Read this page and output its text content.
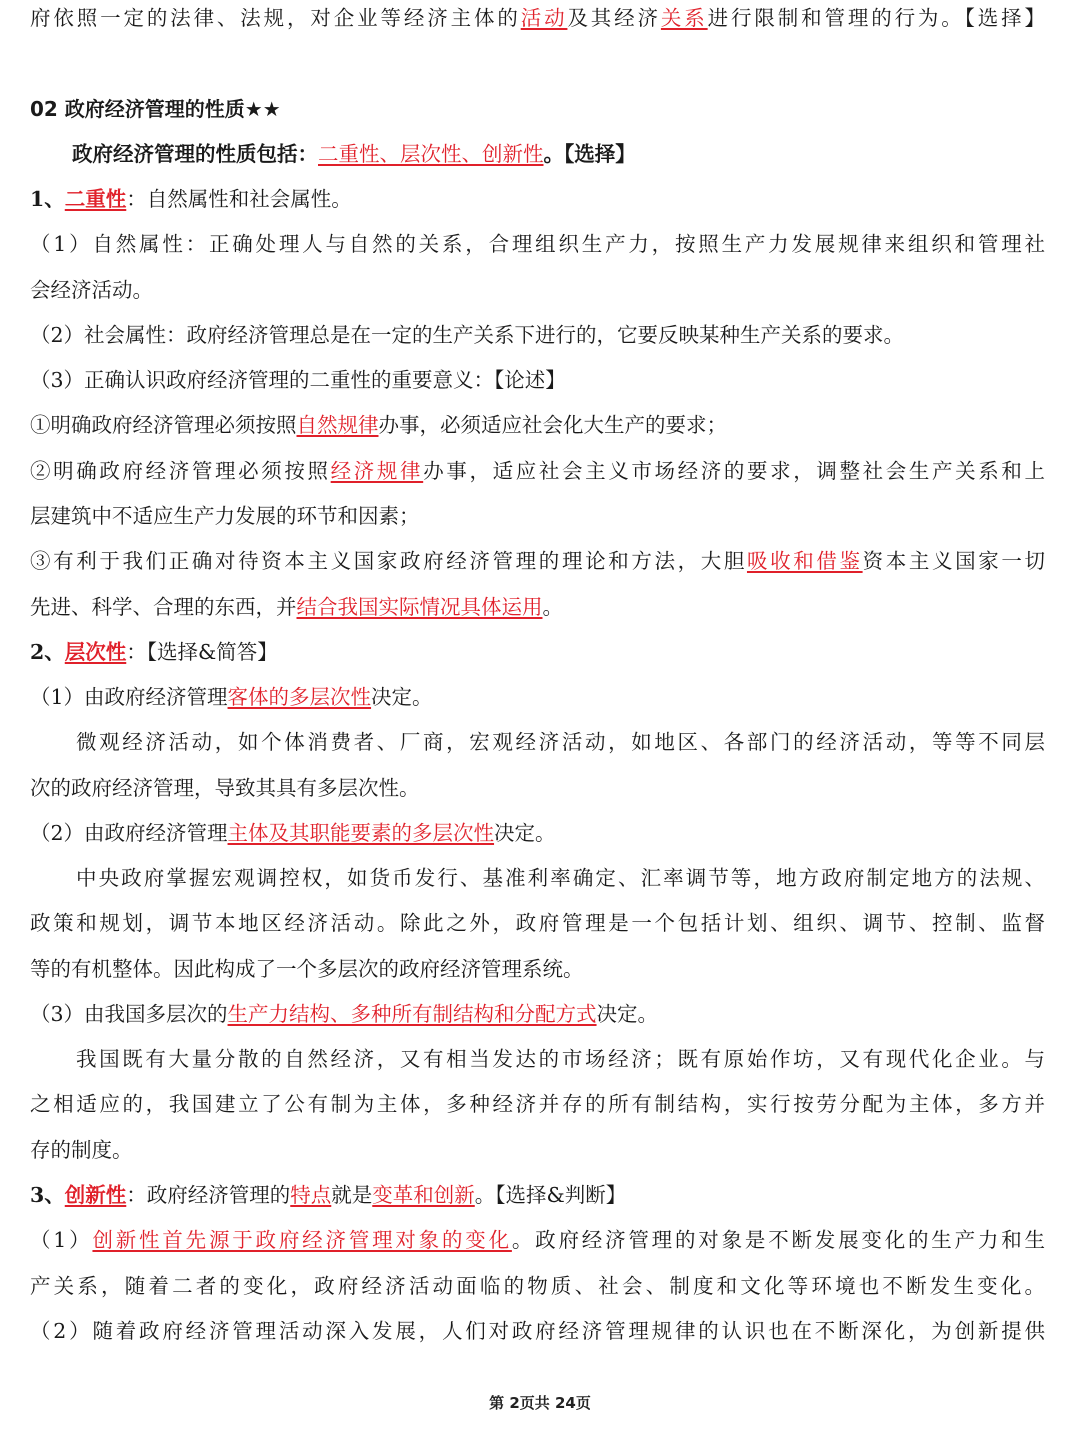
府依照一定的法律、法规，对企业等经济主体的活动及其经济关系进行限制和管理的行为。【选择】
02 政府经济管理的性质★★
政府经济管理的性质包括：二重性、层次性、创新性。【选择】
1、二重性：自然属性和社会属性。
（1）自然属性：正确处理人与自然的关系，合理组织生产力，按照生产力发展规律来组织和管理社
会经济活动。
（2）社会属性：政府经济管理总是在一定的生产关系下进行的，它要反映某种生产关系的要求。
（3）正确认识政府经济管理的二重性的重要意义：【论述】
①明确政府经济管理必须按照自然规律办事，必须适应社会化大生产的要求；
②明确政府经济管理必须按照经济规律办事，适应社会主义市场经济的要求，调整社会生产关系和上
层建筑中不适应生产力发展的环节和因素；
③有利于我们正确对待资本主义国家政府经济管理的理论和方法，大胆吸收和借鉴资本主义国家一切
先进、科学、合理的东西，并结合我国实际情况具体运用。
2、层次性：【选择&简答】
（1）由政府经济管理客体的多层次性决定。
微观经济活动，如个体消费者、厂商，宏观经济活动，如地区、各部门的经济活动，等等不同层
次的政府经济管理，导致其具有多层次性。
（2）由政府经济管理主体及其职能要素的多层次性决定。
中央政府掌握宏观调控权，如货币发行、基准利率确定、汇率调节等，地方政府制定地方的法规、
政策和规划，调节本地区经济活动。除此之外，政府管理是一个包括计划、组织、调节、控制、监督
等的有机整体。因此构成了一个多层次的政府经济管理系统。
（3）由我国多层次的生产力结构、多种所有制结构和分配方式决定。
我国既有大量分散的自然经济，又有相当发达的市场经济；既有原始作坊，又有现代化企业。与
之相适应的，我国建立了公有制为主体，多种经济并存的所有制结构，实行按劳分配为主体，多方并
存的制度。
3、创新性：政府经济管理的特点就是变革和创新。【选择&判断】
（1）创新性首先源于政府经济管理对象的变化。政府经济管理的对象是不断发展变化的生产力和生
产关系，随着二者的变化，政府经济活动面临的物质、社会、制度和文化等环境也不断发生变化。
（2）随着政府经济管理活动深入发展，人们对政府经济管理规律的认识也在不断深化，为创新提供
第 2页共 24页
